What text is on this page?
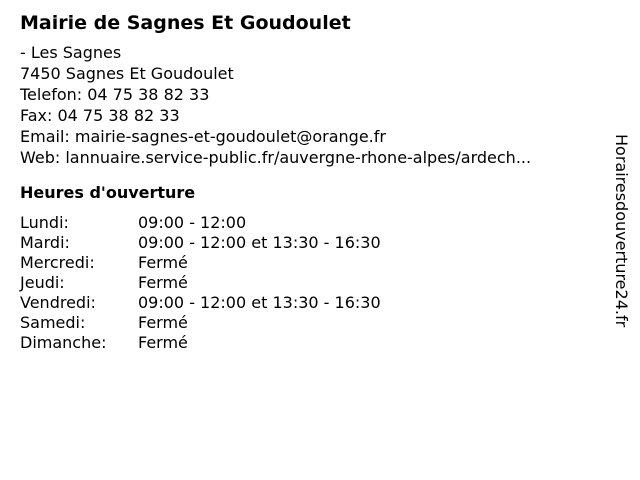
Mairie de Sagnes Et Goudoulet
- Les Sagnes
7450 Sagnes Et Goudoulet
Telefon: 04 75 38 82 33
Fax: 04 75 38 82 33
Email: mairie-sagnes-et-goudoulet@orange.fr
Web: lannuaire.service-public.fr/auvergne-rhone-alpes/ardech...
Heures d'ouverture
Lundi:	09:00 - 12:00
Mardi:	09:00 - 12:00 et 13:30 - 16:30
Mercredi:	Fermé
Jeudi:	Fermé
Vendredi:	09:00 - 12:00 et 13:30 - 16:30
Samedi:	Fermé
Dimanche:	Fermé
Horairesdouverture24.fr
